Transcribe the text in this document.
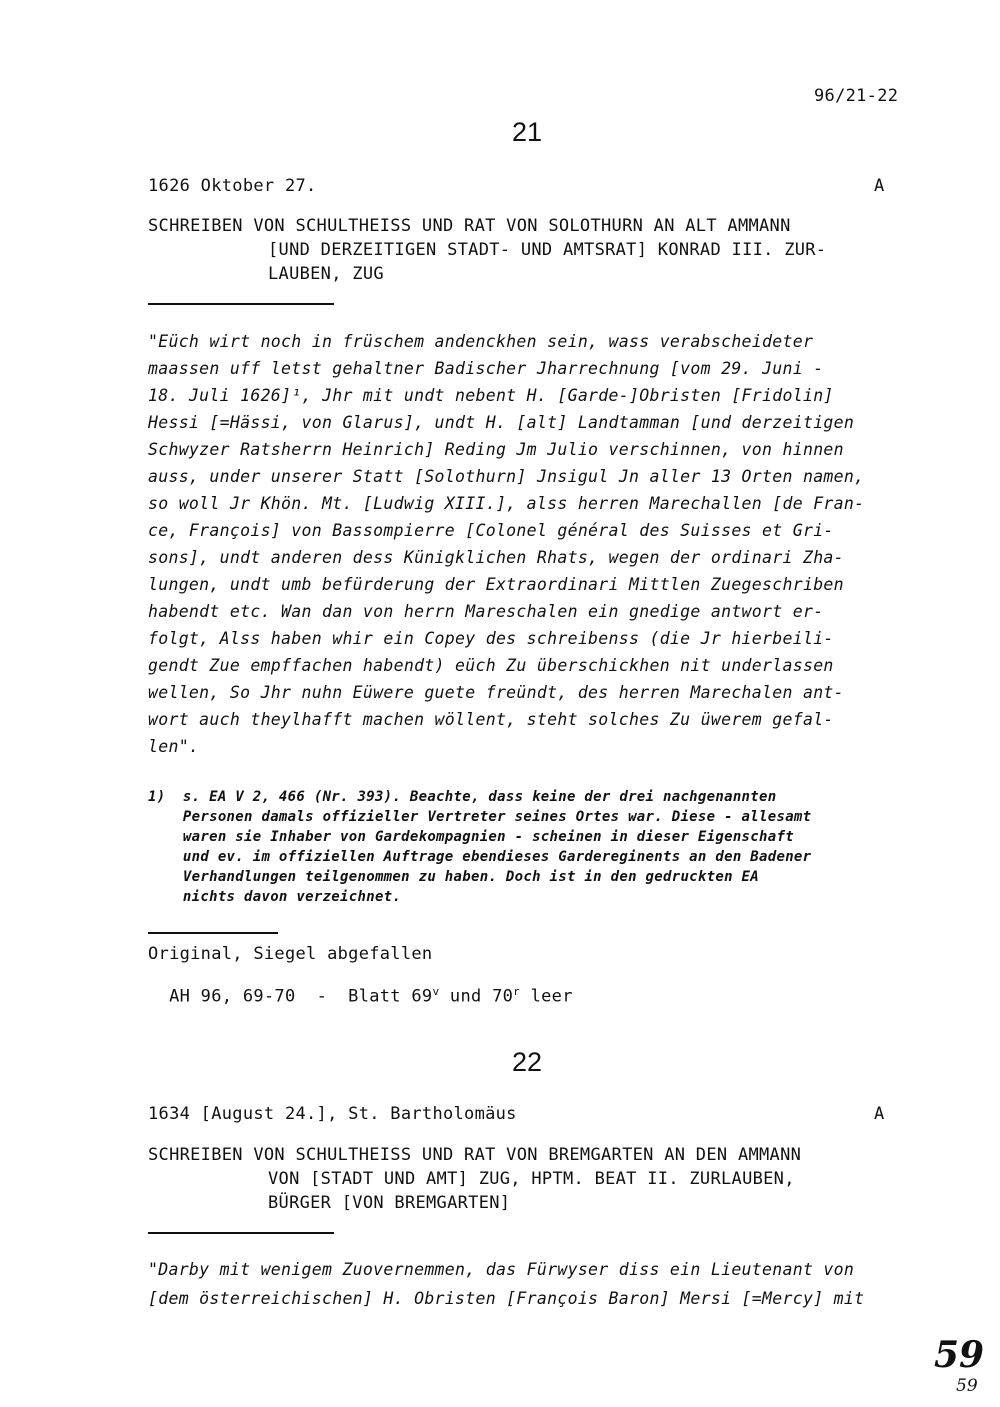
96/21-22
21
1626 Oktober 27.	A
SCHREIBEN VON SCHULTHEISS UND RAT VON SOLOTHURN AN ALT AMMANN
[UND DERZEITIGEN STADT- UND AMTSRAT] KONRAD III. ZUR-
LAUBEN, ZUG
"Eüch wirt noch in früschem andenckhen sein, wass verabscheideter
maassen uff letst gehaltner Badischer Jharrechnung [vom 29. Juni -
18. Juli 1626]¹, Jhr mit undt nebent H. [Garde-]Obristen [Fridolin]
Hessi [=Hässi, von Glarus], undt H. [alt] Landtamman [und derzeitigen
Schwyzer Ratsherrn Heinrich] Reding Jm Julio verschinnen, von hinnen
auss, under unserer Statt [Solothurn] Jnsigul Jn aller 13 Orten namen,
so woll Jr Khön. Mt. [Ludwig XIII.], alss herren Marechallen [de Fran-
ce, François] von Bassompierre [Colonel général des Suisses et Gri-
sons], undt anderen dess Künigklichen Rhats, wegen der ordinari Zha-
lungen, undt umb befürderung der Extraordinari Mittlen Zuegeschriben
habendt etc. Wan dan von herrn Mareschalen ein gnedige antwort er-
folgt, Alss haben whir ein Copey des schreibenss (die Jr hierbeili-
gendt Zue empffachen habendt) eüch Zu überschickhen nit underlassen
wellen, So Jhr nuhn Eüwere guete freündt, des herren Marechalen ant-
wort auch theylhafft machen wöllent, steht solches Zu üwerem gefal-
len".
1)  s. EA V 2, 466 (Nr. 393). Beachte, dass keine der drei nachgenannten
Personen damals offizieller Vertreter seines Ortes war. Diese - allesamt
waren sie Inhaber von Gardekompagnien - scheinen in dieser Eigenschaft
und ev. im offiziellen Auftrage ebendieses Gardereginents an den Badener
Verhandlungen teilgenommen zu haben. Doch ist in den gedruckten EA
nichts davon verzeichnet.
Original, Siegel abgefallen

AH 96, 69-70  -  Blatt 69$^v$ und 70$^r$ leer

22
1634 [August 24.], St. Bartholomäus	A
SCHREIBEN VON SCHULTHEISS UND RAT VON BREMGARTEN AN DEN AMMANN
VON [STADT UND AMT] ZUG, HPTM. BEAT II. ZURLAUBEN,
BÜRGER [VON BREMGARTEN]
"Darby mit wenigem Zuovernemmen, das Fürwyser diss ein Lieutenant von
[dem österreichischen] H. Obristen [François Baron] Mersi [=Mercy] mit
59
59
